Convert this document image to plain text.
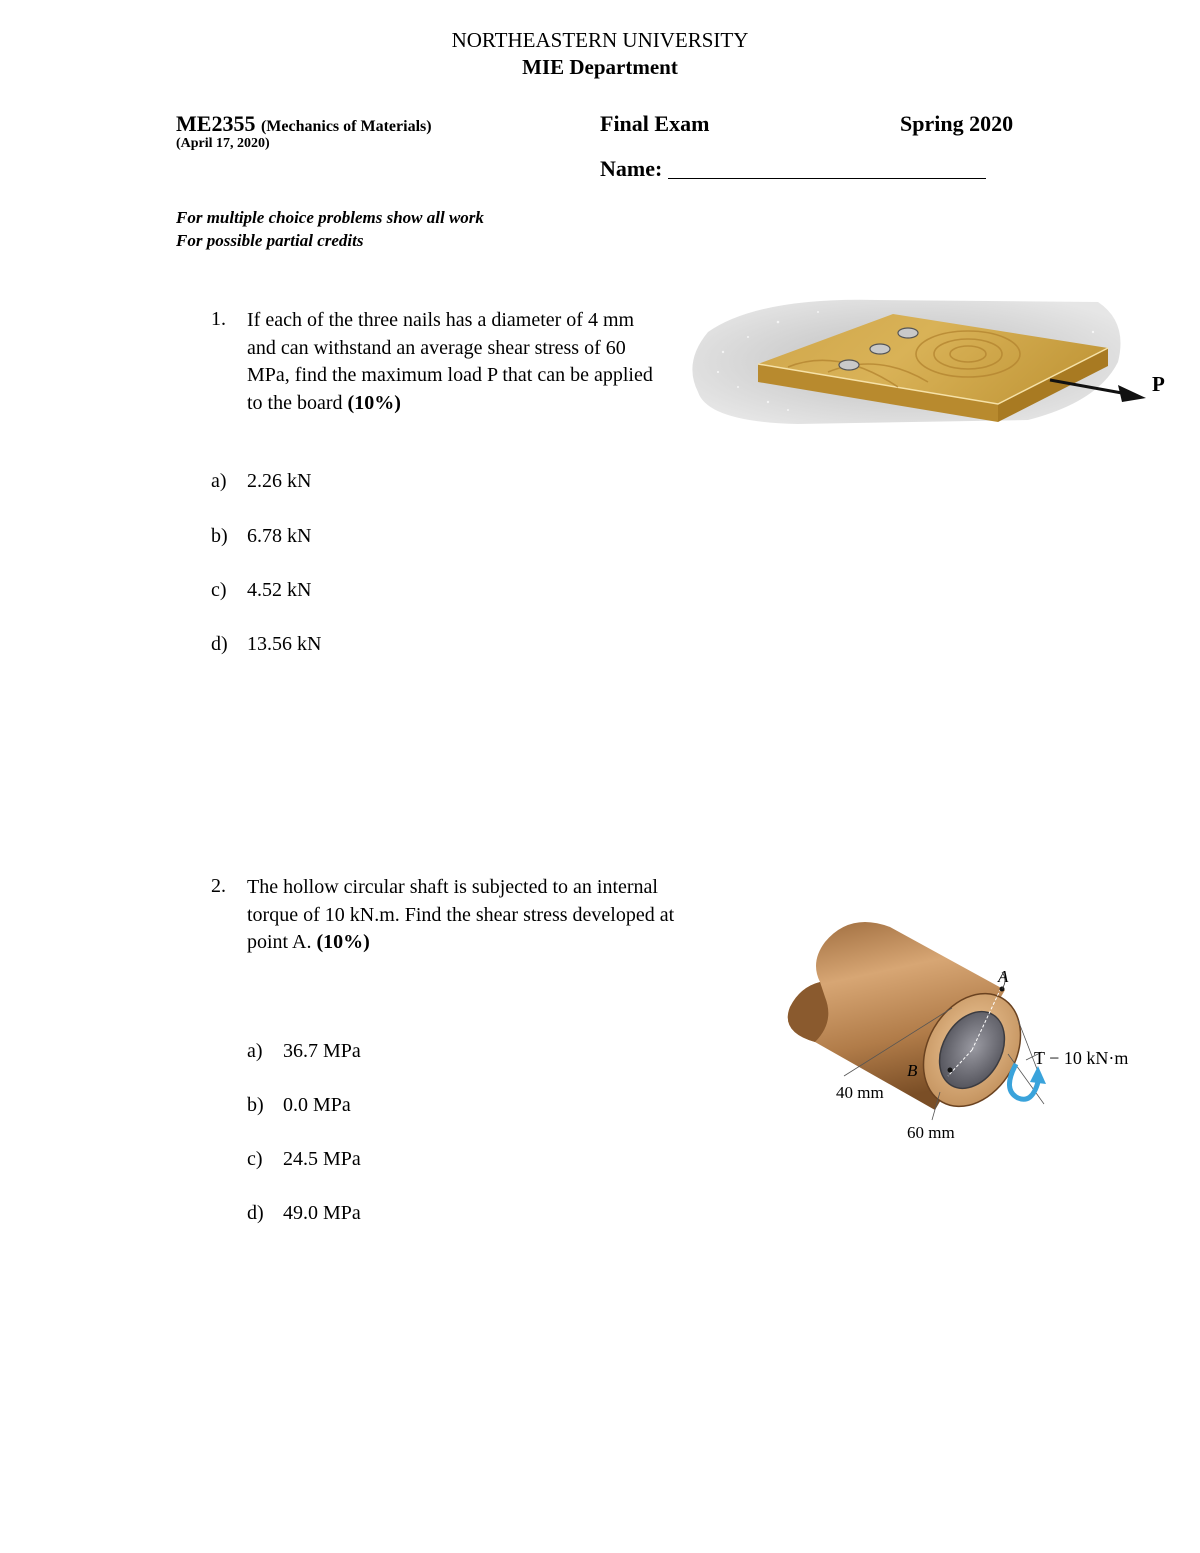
NORTHEASTERN UNIVERSITY
MIE Department
ME2355 (Mechanics of Materials)
(April 17, 2020)
Final Exam	Spring 2020
Name:
For multiple choice problems show all work
For possible partial credits
1. If each of the three nails has a diameter of 4 mm and can withstand an average shear stress of 60 MPa, find the maximum load P that can be applied to the board (10%)
a) 2.26 kN
b) 6.78 kN
c) 4.52 kN
d) 13.56 kN
P
2. The hollow circular shaft is subjected to an internal torque of 10 kN.m. Find the shear stress developed at point A. (10%)
a) 36.7 MPa
b) 0.0 MPa
c) 24.5 MPa
d) 49.0 MPa
A
B
40 mm
60 mm
T − 10 kN·m
